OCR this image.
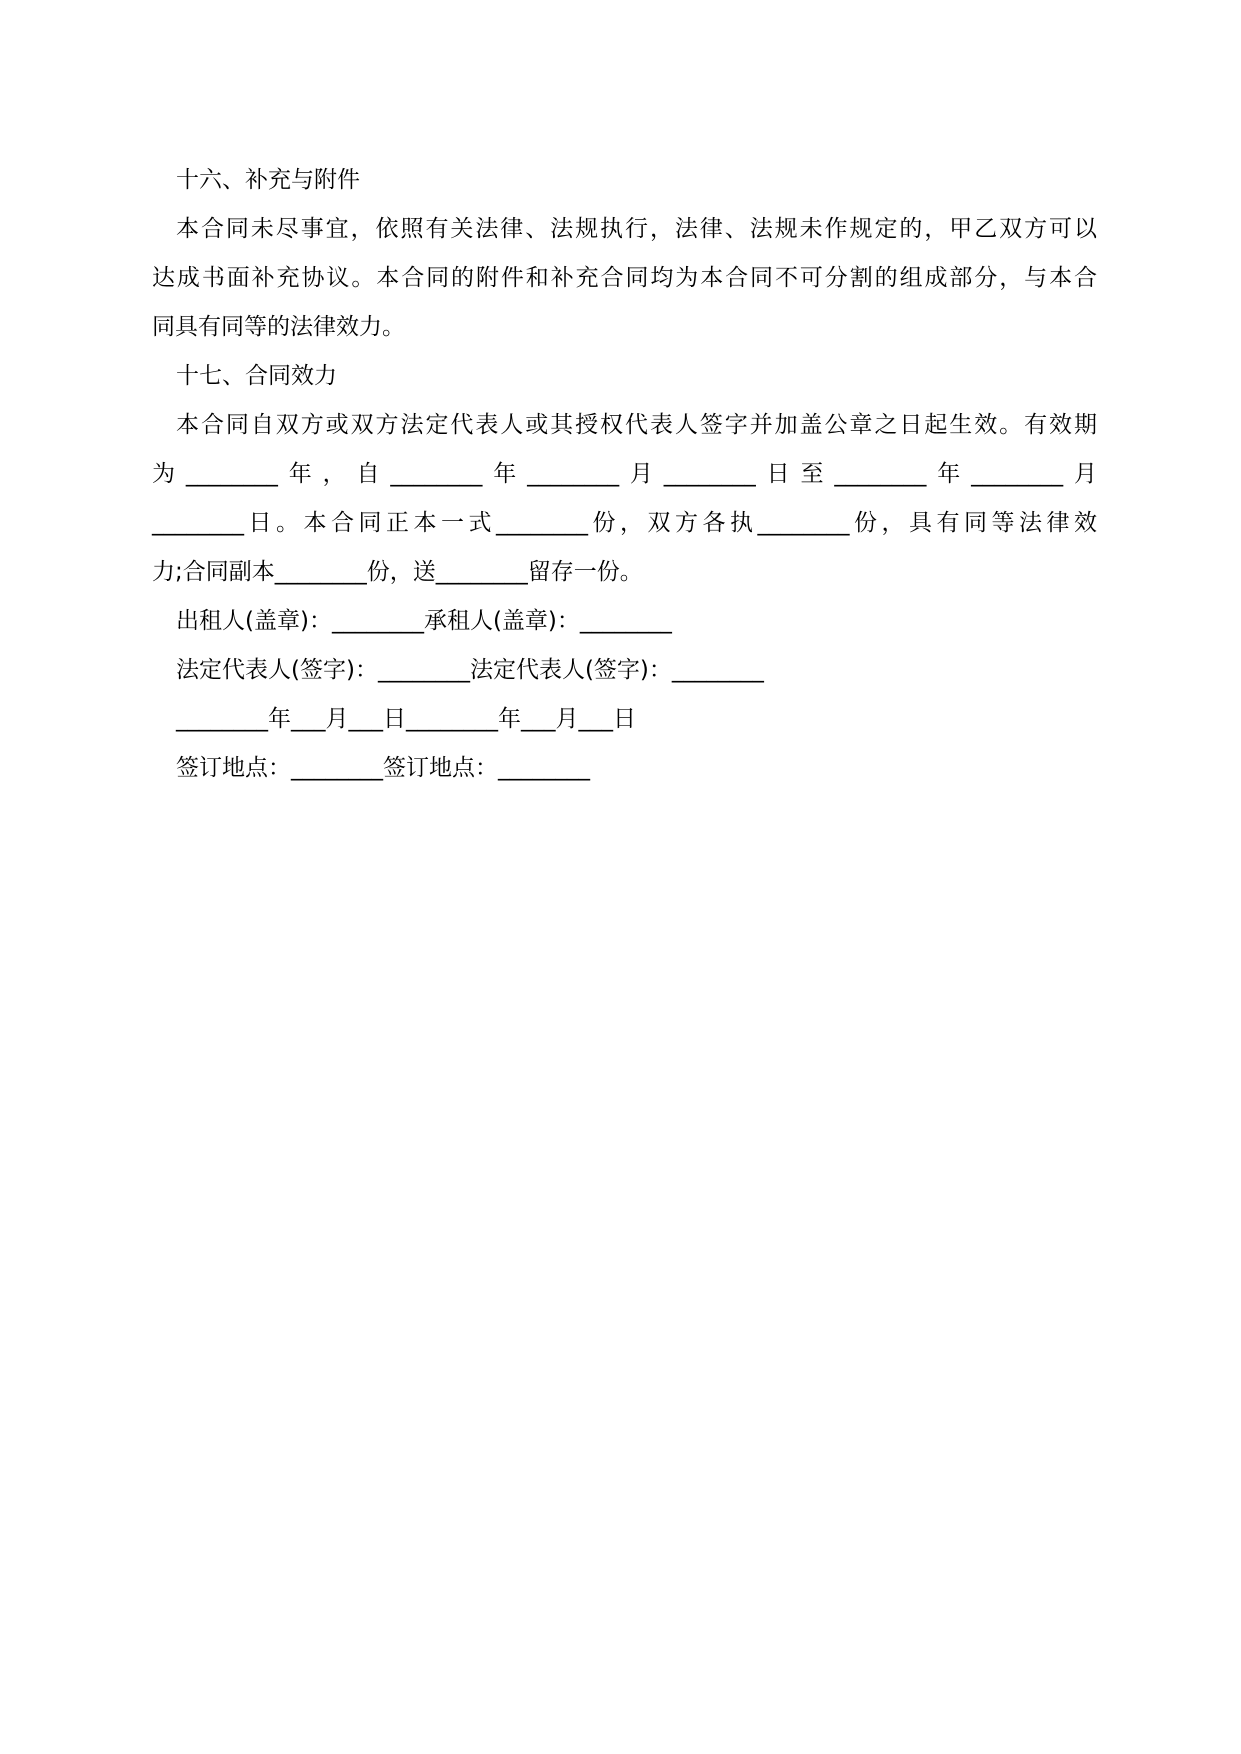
十六、补充与附件

本合同未尽事宜，依照有关法律、法规执行，法律、法规未作规定的，甲乙双方可以

达成书面补充协议。本合同的附件和补充合同均为本合同不可分割的组成部分，与本合

同具有同等的法律效力。

十七、合同效力

本合同自双方或双方法定代表人或其授权代表人签字并加盖公章之日起生效。有效期

为________年，自________年________月________日至________年________月

________日。本合同正本一式________份，双方各执________份，具有同等法律效

力;合同副本________份，送________留存一份。

出租人(盖章)：________承租人(盖章)：________

法定代表人(签字)：________法定代表人(签字)：________

________年___月___日________年___月___日

签订地点：________签订地点：________
